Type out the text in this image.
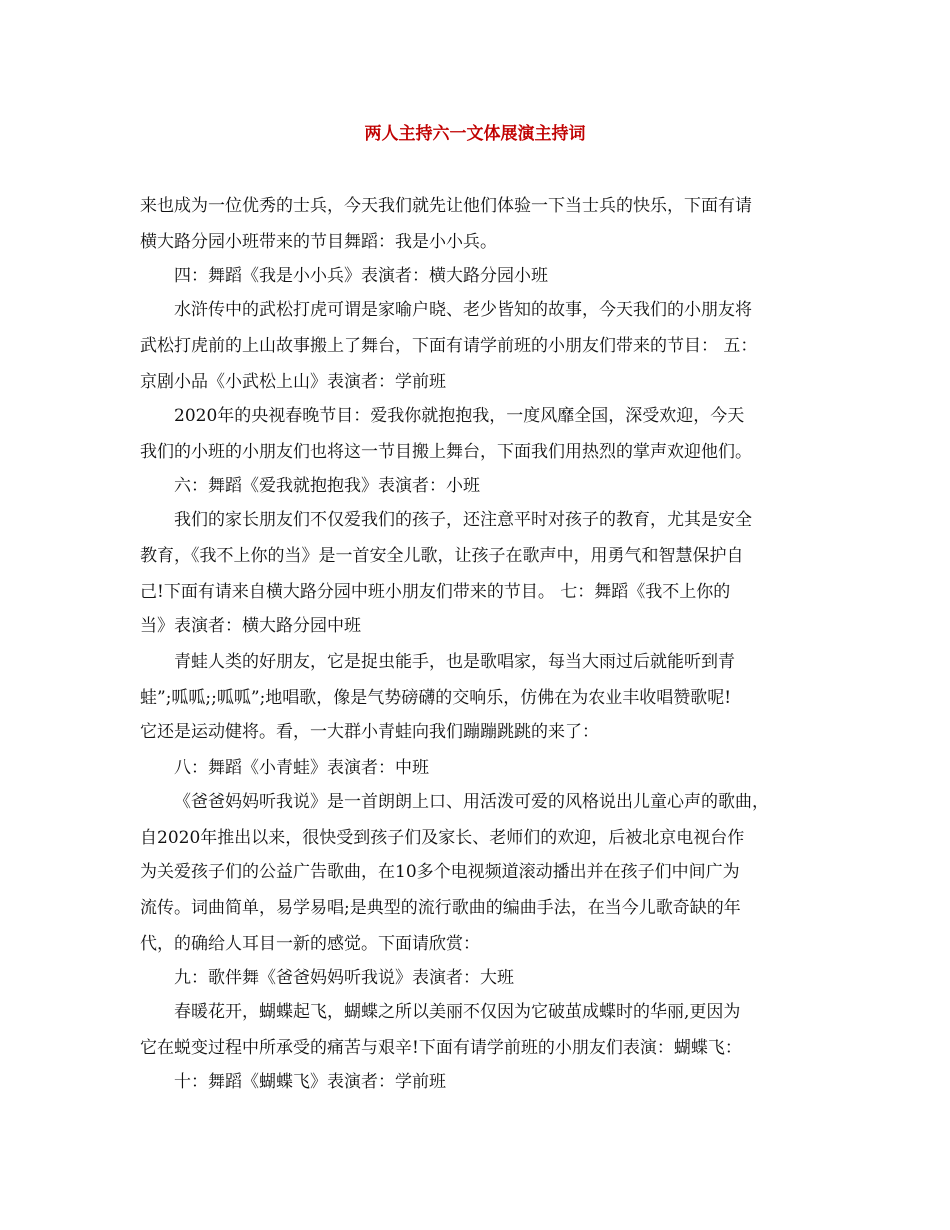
两人主持六一文体展演主持词
来也成为一位优秀的士兵，今天我们就先让他们体验一下当士兵的快乐，下面有请
横大路分园小班带来的节目舞蹈：我是小小兵。
四：舞蹈《我是小小兵》表演者：横大路分园小班
水浒传中的武松打虎可谓是家喻户晓、老少皆知的故事，今天我们的小朋友将
武松打虎前的上山故事搬上了舞台，下面有请学前班的小朋友们带来的节目： 五：
京剧小品《小武松上山》表演者：学前班
2020年的央视春晚节目：爱我你就抱抱我，一度风靡全国，深受欢迎，今天
我们的小班的小朋友们也将这一节目搬上舞台，下面我们用热烈的掌声欢迎他们。
六：舞蹈《爱我就抱抱我》表演者：小班
我们的家长朋友们不仅爱我们的孩子，还注意平时对孩子的教育，尤其是安全
教育，《我不上你的当》是一首安全儿歌，让孩子在歌声中，用勇气和智慧保护自
己!下面有请来自横大路分园中班小朋友们带来的节目。 七：舞蹈《我不上你的
当》表演者：横大路分园中班
青蛙人类的好朋友，它是捉虫能手，也是歌唱家，每当大雨过后就能听到青
蛙”;呱呱;;呱呱”;地唱歌，像是气势磅礴的交响乐，仿佛在为农业丰收唱赞歌呢!
它还是运动健将。看，一大群小青蛙向我们蹦蹦跳跳的来了：
八：舞蹈《小青蛙》表演者：中班
《爸爸妈妈听我说》是一首朗朗上口、用活泼可爱的风格说出儿童心声的歌曲，
自2020年推出以来，很快受到孩子们及家长、老师们的欢迎，后被北京电视台作
为关爱孩子们的公益广告歌曲，在10多个电视频道滚动播出并在孩子们中间广为
流传。词曲简单，易学易唱;是典型的流行歌曲的编曲手法，在当今儿歌奇缺的年
代，的确给人耳目一新的感觉。下面请欣赏：
九：歌伴舞《爸爸妈妈听我说》表演者：大班
春暖花开，蝴蝶起飞，蝴蝶之所以美丽不仅因为它破茧成蝶时的华丽,更因为
它在蜕变过程中所承受的痛苦与艰辛!下面有请学前班的小朋友们表演：蝴蝶飞：
十：舞蹈《蝴蝶飞》表演者：学前班
